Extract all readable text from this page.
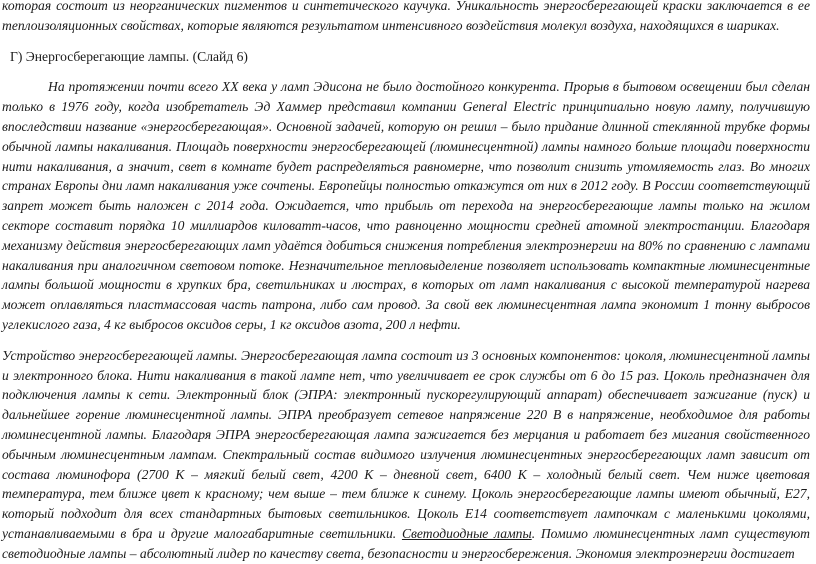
которая состоит из неорганических пигментов и синтетического каучука. Уникальность энергосберегающей краски заключается в ее теплоизоляционных свойствах, которые являются результатом интенсивного воздействия молекул воздуха, находящихся в шариках.

Г) Энергосберегающие лампы. (Слайд 6)

На протяжении почти всего XX века у ламп Эдисона не было достойного конкурента. Прорыв в бытовом освещении был сделан только в 1976 году, когда изобретатель Эд Хаммер представил компании General Electric принципиально новую лампу, получившую впоследствии название «энергосберегающая». Основной задачей, которую он решил – было придание длинной стеклянной трубке формы обычной лампы накаливания. Площадь поверхности энергосберегающей (люминесцентной) лампы намного больше площади поверхности нити накаливания, а значит, свет в комнате будет распределяться равномерне, что позволит снизить утомляемость глаз. Во многих странах Европы дни ламп накаливания уже сочтены. Европейцы полностью откажутся от них в 2012 году. В России соответствующий запрет может быть наложен с 2014 года. Ожидается, что прибыль от перехода на энергосберегающие лампы только на жилом секторе составит порядка 10 миллиардов киловатт-часов, что равноценно мощности средней атомной электростанции. Благодаря механизму действия энергосберегающих ламп удаётся добиться снижения потребления электроэнергии на 80% по сравнению с лампами накаливания при аналогичном световом потоке. Незначительное тепловыделение позволяет использовать компактные люминесцентные лампы большой мощности в хрупких бра, светильниках и люстрах, в которых от ламп накаливания с высокой температурой нагрева может оплавляться пластмассовая часть патрона, либо сам провод. За свой век люминесцентная лампа экономит 1 тонну выбросов углекислого газа, 4 кг выбросов оксидов серы, 1 кг оксидов азота, 200 л нефти.

Устройство энергосберегающей лампы. Энергосберегающая лампа состоит из 3 основных компонентов: цоколя, люминесцентной лампы и электронного блока. Нити накаливания в такой лампе нет, что увеличивает ее срок службы от 6 до 15 раз. Цоколь предназначен для подключения лампы к сети. Электронный блок (ЭПРА: электронный пускорегулирующий аппарат) обеспечивает зажигание (пуск) и дальнейшее горение люминесцентной лампы. ЭПРА преобразует сетевое напряжение 220 В в напряжение, необходимое для работы люминесцентной лампы. Благодаря ЭПРА энергосберегающая лампа зажигается без мерцания и работает без мигания свойственного обычным люминесцентным лампам. Спектральный состав видимого излучения люминесцентных энергосберегающих ламп зависит от состава люминофора (2700 К – мягкий белый свет, 4200 К – дневной свет, 6400 К – холодный белый свет. Чем ниже цветовая температура, тем ближе цвет к красному; чем выше – тем ближе к синему. Цоколь энергосберегающие лампы имеют обычный, Е27, который подходит для всех стандартных бытовых светильников. Цоколь Е14 соответствует лампочкам с маленькими цоколями, устанавливаемыми в бра и другие малогабаритные светильники. Светодиодные лампы. Помимо люминесцентных ламп существуют светодиодные лампы – абсолютный лидер по качеству света, безопасности и энергосбережения. Экономия электроэнергии достигает
